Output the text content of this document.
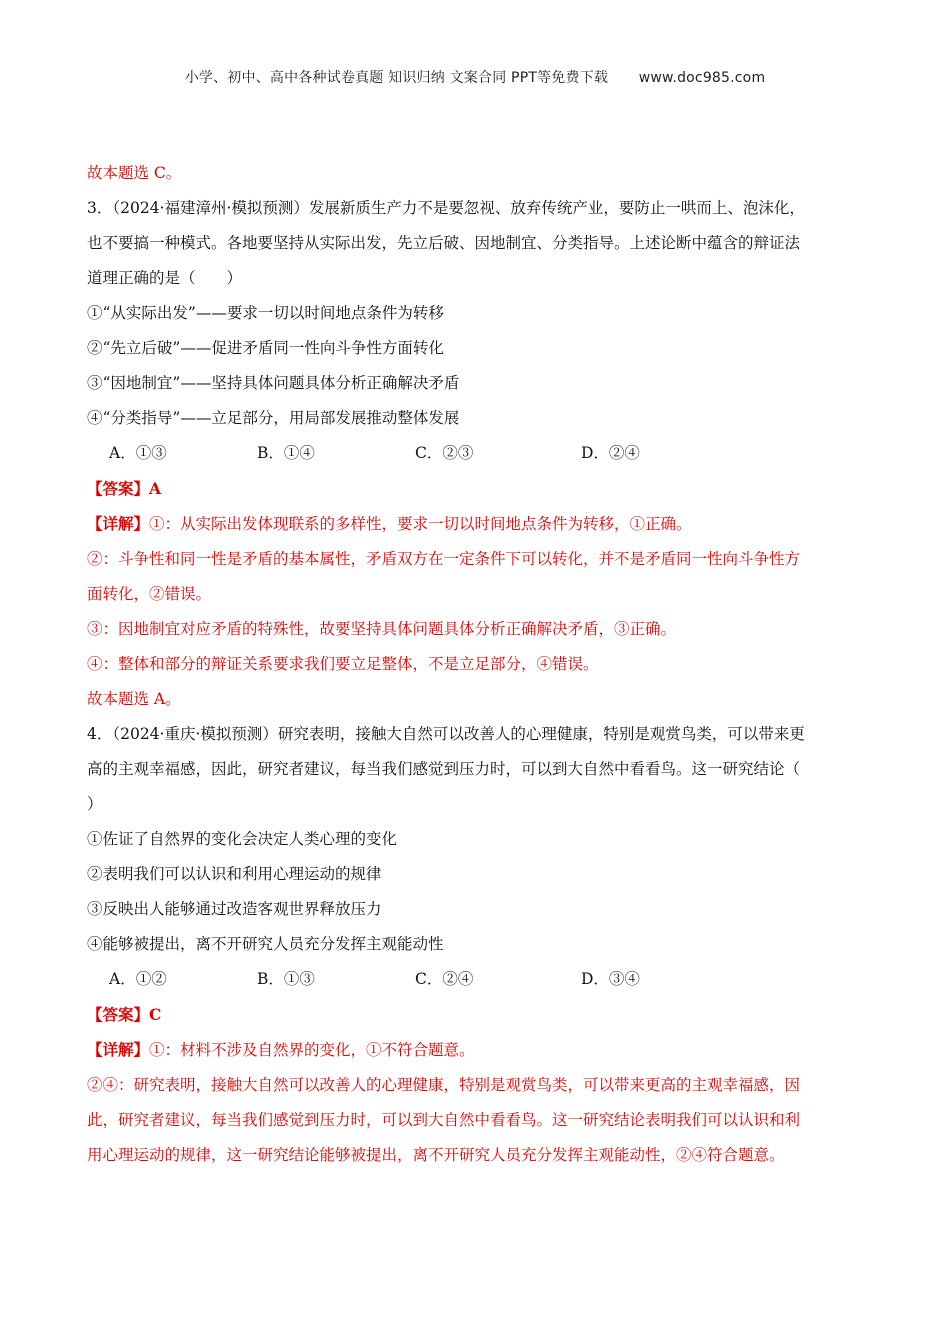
小学、初中、高中各种试卷真题 知识归纳 文案合同 PPT等免费下载 www.doc985.com
故本题选 C。
3．（2024·福建漳州·模拟预测）发展新质生产力不是要忽视、放弃传统产业，要防止一哄而上、泡沫化，
也不要搞一种模式。各地要坚持从实际出发，先立后破、因地制宜、分类指导。上述论断中蕴含的辩证法
道理正确的是（　　）
①“从实际出发”——要求一切以时间地点条件为转移
②“先立后破”——促进矛盾同一性向斗争性方面转化
③“因地制宜”——坚持具体问题具体分析正确解决矛盾
④“分类指导”——立足部分，用局部发展推动整体发展
A．①③	B．①④	C．②③	D．②④
【答案】A
【详解】①：从实际出发体现联系的多样性，要求一切以时间地点条件为转移，①正确。
②：斗争性和同一性是矛盾的基本属性，矛盾双方在一定条件下可以转化，并不是矛盾同一性向斗争性方
面转化，②错误。
③：因地制宜对应矛盾的特殊性，故要坚持具体问题具体分析正确解决矛盾，③正确。
④：整体和部分的辩证关系要求我们要立足整体，不是立足部分，④错误。
故本题选 A。
4．（2024·重庆·模拟预测）研究表明，接触大自然可以改善人的心理健康，特别是观赏鸟类，可以带来更
高的主观幸福感，因此，研究者建议，每当我们感觉到压力时，可以到大自然中看看鸟。这一研究结论（
）
①佐证了自然界的变化会决定人类心理的变化
②表明我们可以认识和利用心理运动的规律
③反映出人能够通过改造客观世界释放压力
④能够被提出，离不开研究人员充分发挥主观能动性
A．①②	B．①③	C．②④	D．③④
【答案】C
【详解】①：材料不涉及自然界的变化，①不符合题意。
②④：研究表明，接触大自然可以改善人的心理健康，特别是观赏鸟类，可以带来更高的主观幸福感，因
此，研究者建议，每当我们感觉到压力时，可以到大自然中看看鸟。这一研究结论表明我们可以认识和利
用心理运动的规律，这一研究结论能够被提出，离不开研究人员充分发挥主观能动性，②④符合题意。
